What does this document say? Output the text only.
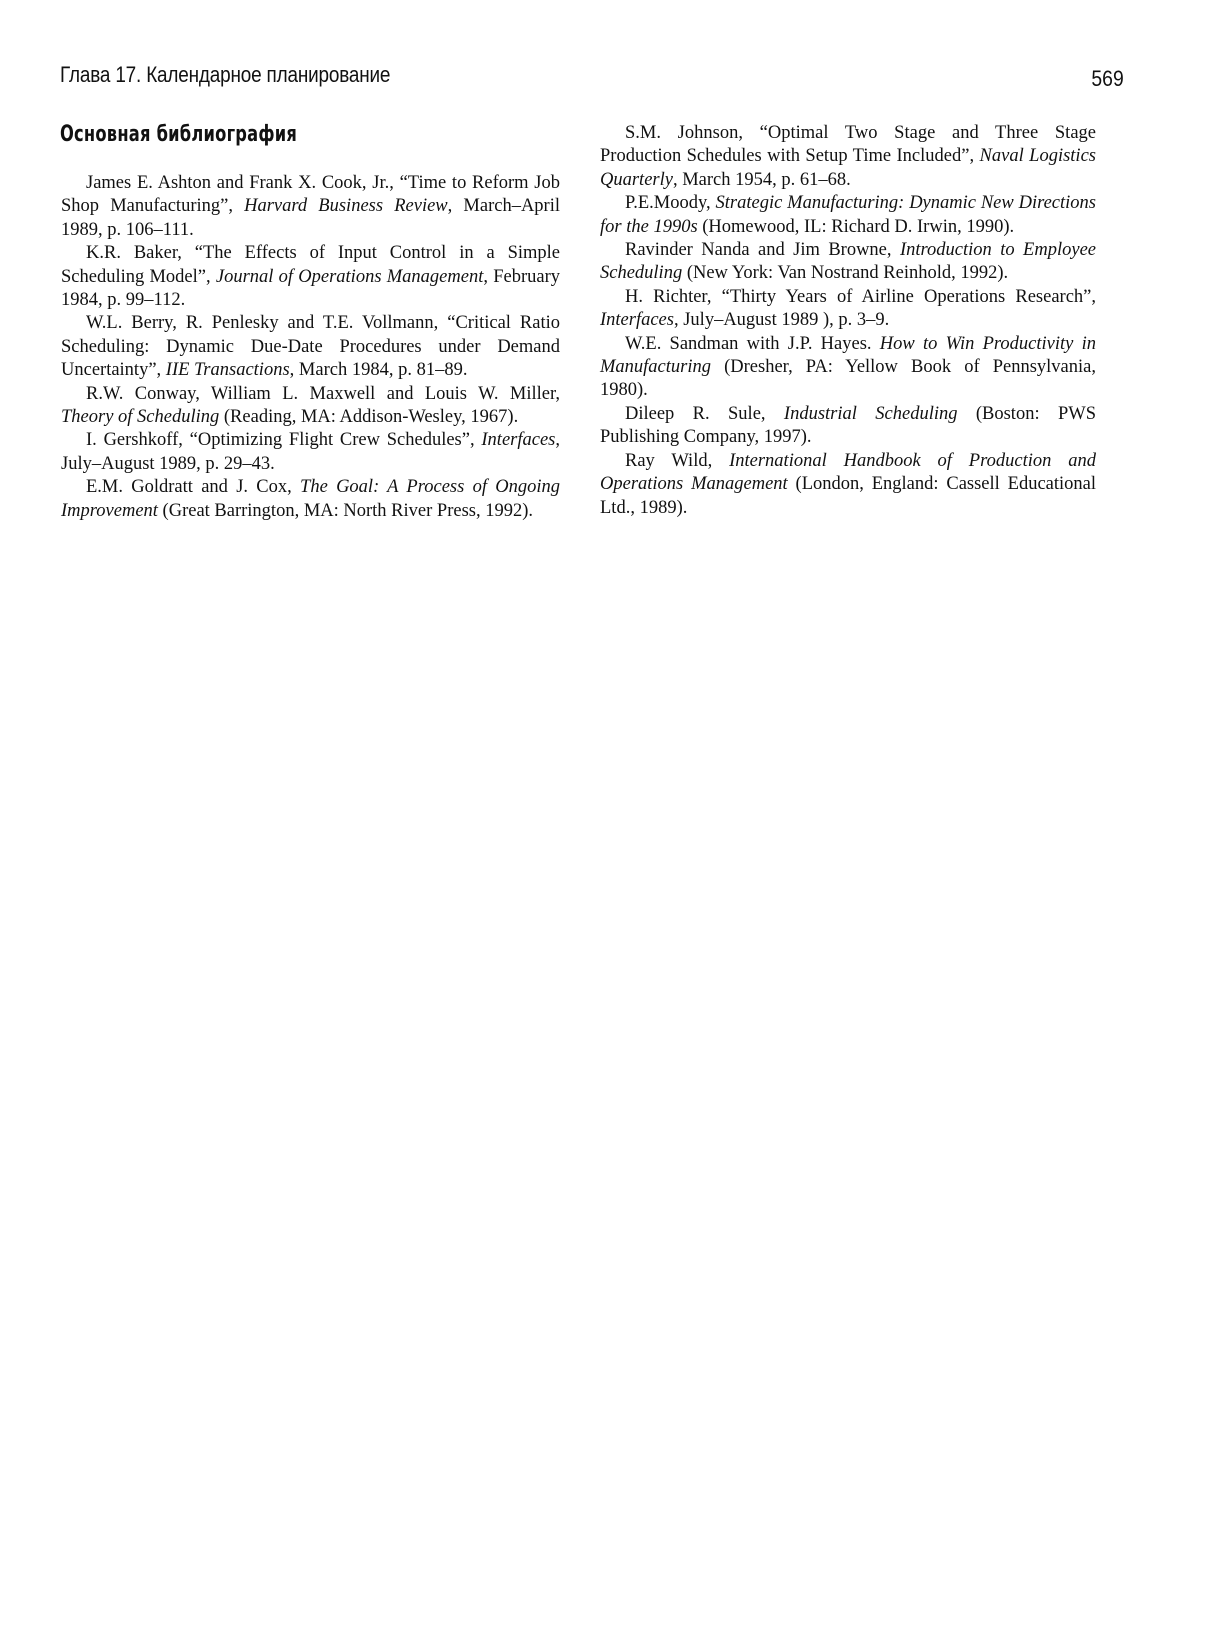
Глава 17. Календарное планирование	569
Основная библиография

James E. Ashton and Frank X. Cook, Jr., “Time to Reform Job Shop Manufacturing”, Harvard Business Review, March–April 1989, p. 106–111.

K.R. Baker, “The Effects of Input Control in a Simple Scheduling Model”, Journal of Operations Management, February 1984, p. 99–112.

W.L. Berry, R. Penlesky and T.E. Vollmann, “Critical Ratio Scheduling: Dynamic Due-Date Procedures under Demand Uncertainty”, IIE Transactions, March 1984, p. 81–89.

R.W. Conway, William L. Maxwell and Louis W. Miller, Theory of Scheduling (Reading, MA: Addison-Wesley, 1967).

I. Gershkoff, “Optimizing Flight Crew Schedules”, Interfaces, July–August 1989, p. 29–43.

E.M. Goldratt and J. Cox, The Goal: A Process of Ongoing Improvement (Great Barrington, MA: North River Press, 1992).

S.M. Johnson, “Optimal Two Stage and Three Stage Production Schedules with Setup Time Included”, Naval Logistics Quarterly, March 1954, p. 61–68.

P.E.Moody, Strategic Manufacturing: Dynamic New Directions for the 1990s (Homewood, IL: Richard D. Irwin, 1990).

Ravinder Nanda and Jim Browne, Introduction to Employee Scheduling (New York: Van Nostrand Reinhold, 1992).

H. Richter, “Thirty Years of Airline Operations Research”, Interfaces, July–August 1989 ), p. 3–9.

W.E. Sandman with J.P. Hayes. How to Win Productivity in Manufacturing (Dresher, PA: Yellow Book of Pennsylvania, 1980).

Dileep R. Sule, Industrial Scheduling (Boston: PWS Publishing Company, 1997).

Ray Wild, International Handbook of Production and Operations Management (London, England: Cassell Educational Ltd., 1989).
